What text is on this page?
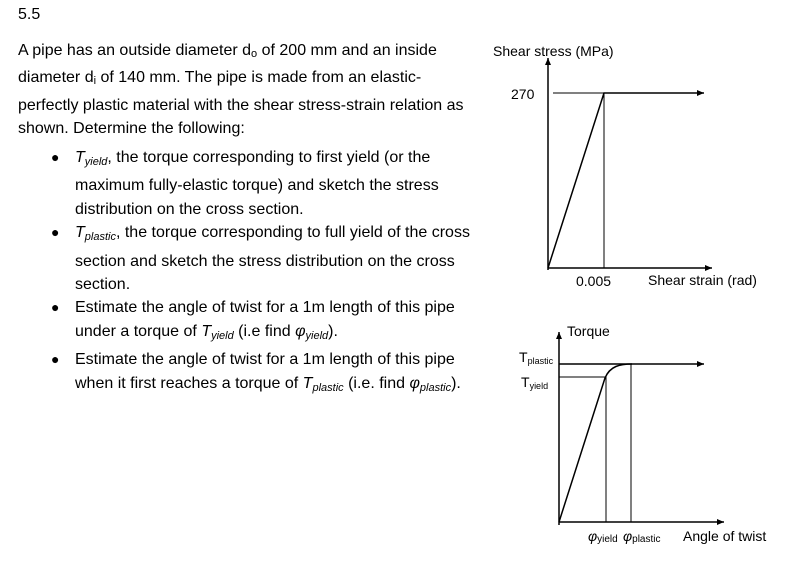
5.5

A pipe has an outside diameter $d_o$ of 200 mm and an inside
diameter $d_i$ of 140 mm. The pipe is made from an elastic-
perfectly plastic material with the shear stress-strain relation as
shown. Determine the following:

● $T_{yield}$, the torque corresponding to first yield (or the maximum fully-elastic torque) and sketch the stress distribution on the cross section.
● $T_{plastic}$, the torque corresponding to full yield of the cross section and sketch the stress distribution on the cross section.
● Estimate the angle of twist for a 1m length of this pipe under a torque of $T_{yield}$ (i.e find $\varphi_{yield}$).
● Estimate the angle of twist for a 1m length of this pipe when it first reaches a torque of $T_{plastic}$ (i.e. find $\varphi_{plastic}$).
Shear stress (MPa)
270
0.005	Shear strain (rad)
Torque
Tplastic
Tyield
φyield φplastic Angle of twist
